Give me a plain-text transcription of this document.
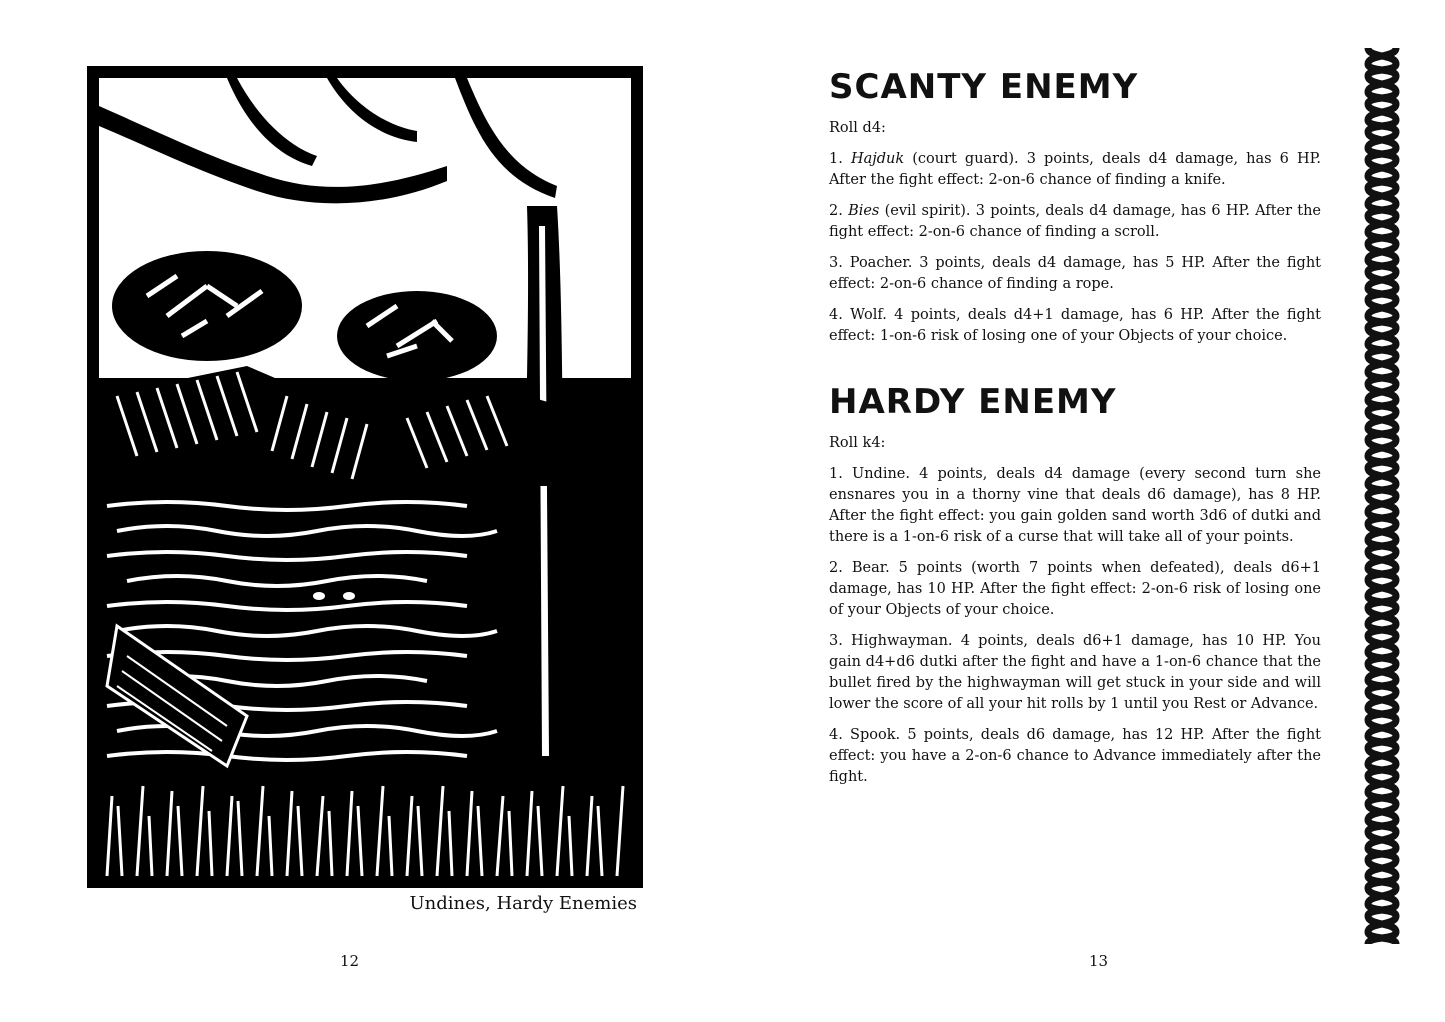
Undines, Hardy Enemies
12
SCANTY ENEMY

Roll d4:

1. Hajduk (court guard). 3 points, deals d4 damage, has 6 HP. After the fight effect: 2-on-6 chance of finding a knife.

2. Bies (evil spirit). 3 points, deals d4 damage, has 6 HP. After the fight effect: 2-on-6 chance of finding a scroll.

3. Poacher. 3 points, deals d4 damage, has 5 HP. After the fight effect: 2-on-6 chance of finding a rope.

4. Wolf. 4 points, deals d4+1 damage, has 6 HP. After the fight effect: 1-on-6 risk of losing one of your Objects of your choice.

HARDY ENEMY

Roll k4:

1. Undine. 4 points, deals d4 damage (every second turn she ensnares you in a thorny vine that deals d6 damage), has 8 HP. After the fight effect: you gain golden sand worth 3d6 of dutki and there is a 1-on-6 risk of a curse that will take all of your points.

2. Bear. 5 points (worth 7 points when defeated), deals d6+1 damage, has 10 HP. After the fight effect: 2-on-6 risk of losing one of your Objects of your choice.

3. Highwayman. 4 points, deals d6+1 damage, has 10 HP. You gain d4+d6 dutki after the fight and have a 1-on-6 chance that the bullet fired by the highwayman will get stuck in your side and will lower the score of all your hit rolls by 1 until you Rest or Advance.

4. Spook. 5 points, deals d6 damage, has 12 HP. After the fight effect: you have a 2-on-6 chance to Advance immediately after the fight.

13
